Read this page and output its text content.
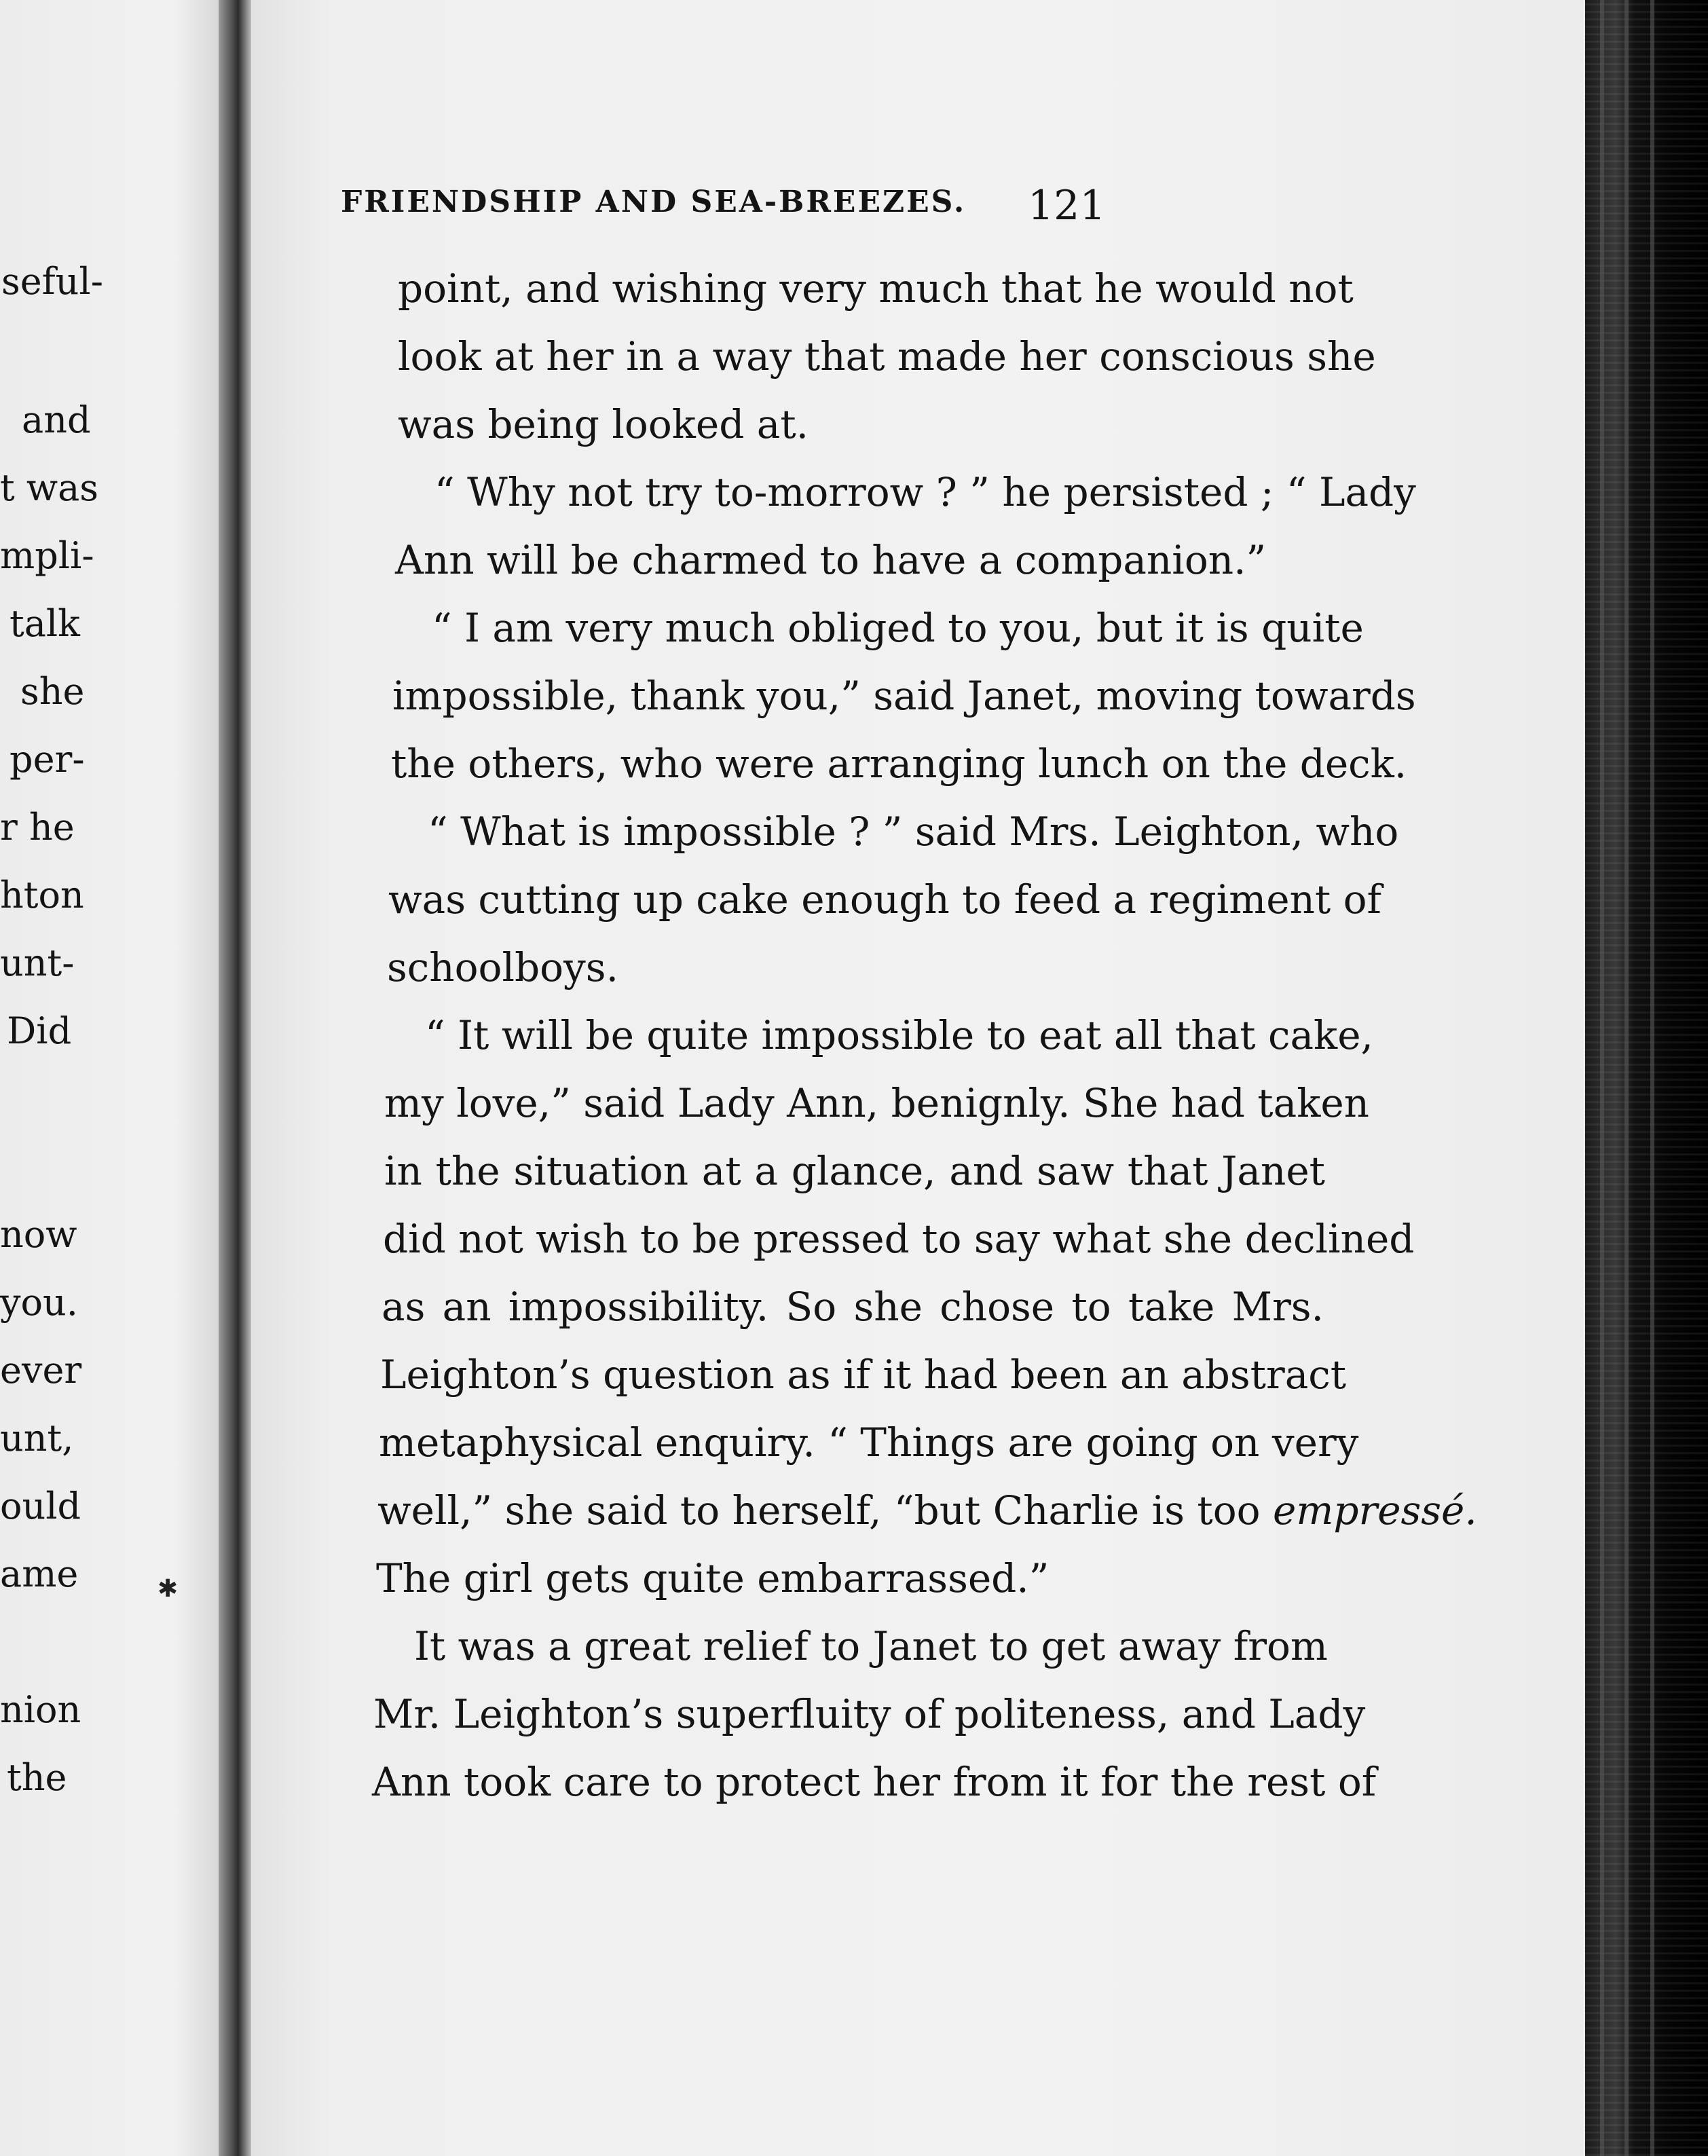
seful-
and
t was
mpli-
talk
she
per-
r he
hton
unt-
Did
now
you.
ever
unt,
ould
ame
nion
the
✱
FRIENDSHIP AND SEA-BREEZES. 121
point, and wishing very much that he would not
look at her in a way that made her conscious she
was being looked at.
“ Why not try to-morrow ? ” he persisted ; “ Lady
Ann will be charmed to have a companion.”
“ I am very much obliged to you, but it is quite
impossible, thank you,” said Janet, moving towards
the others, who were arranging lunch on the deck.
“ What is impossible ? ” said Mrs. Leighton, who
was cutting up cake enough to feed a regiment of
schoolboys.
“ It will be quite impossible to eat all that cake,
my love,” said Lady Ann, benignly. She had taken
in the situation at a glance, and saw that Janet
did not wish to be pressed to say what she declined
as an impossibility. So she chose to take Mrs.
Leighton’s question as if it had been an abstract
metaphysical enquiry. “ Things are going on very
well,” she said to herself, “but Charlie is too empressé.
The girl gets quite embarrassed.”
It was a great relief to Janet to get away from
Mr. Leighton’s superfluity of politeness, and Lady
Ann took care to protect her from it for the rest of
